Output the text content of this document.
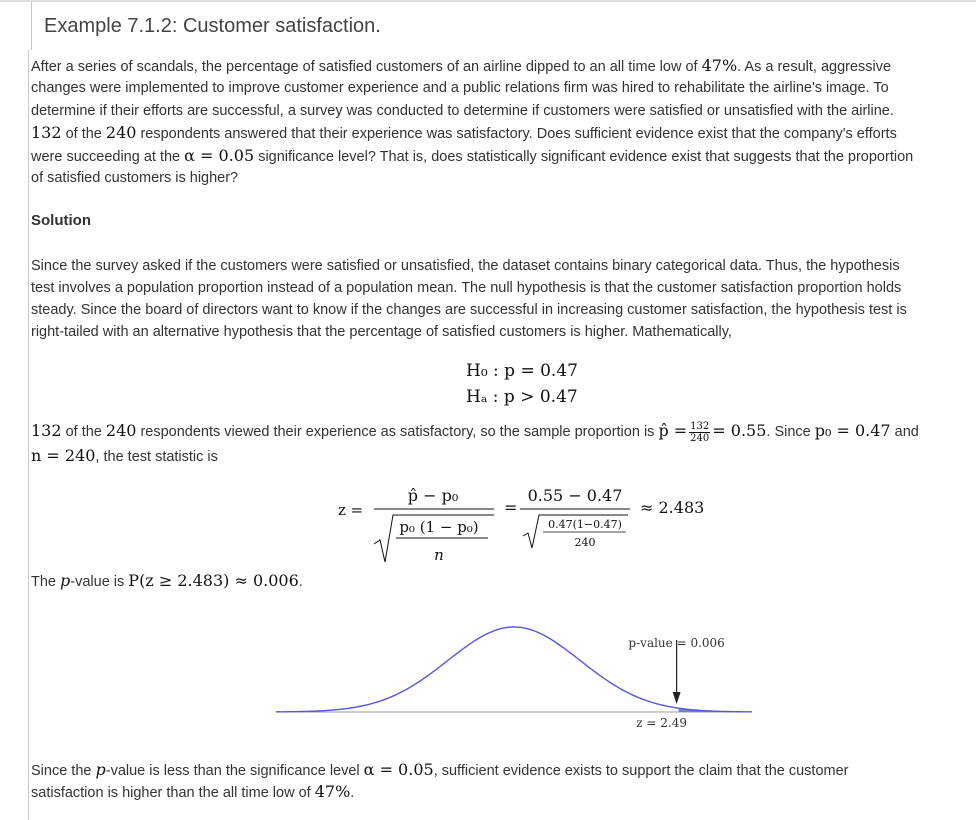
Example 7.1.2: Customer satisfaction.
After a series of scandals, the percentage of satisfied customers of an airline dipped to an all time low of 47%. As a result, aggressive
changes were implemented to improve customer experience and a public relations firm was hired to rehabilitate the airline's image. To
determine if their efforts are successful, a survey was conducted to determine if customers were satisfied or unsatisfied with the airline.
132 of the 240 respondents answered that their experience was satisfactory. Does sufficient evidence exist that the company's efforts
were succeeding at the α = 0.05 significance level? That is, does statistically significant evidence exist that suggests that the proportion
of satisfied customers is higher?
Solution
Since the survey asked if the customers were satisfied or unsatisfied, the dataset contains binary categorical data. Thus, the hypothesis
test involves a population proportion instead of a population mean. The null hypothesis is that the customer satisfaction proportion holds
steady. Since the board of directors want to know if the changes are successful in increasing customer satisfaction, the hypothesis test is
right-tailed with an alternative hypothesis that the percentage of satisfied customers is higher. Mathematically,
H₀ : p = 0.47
Hₐ : p > 0.47
132 of the 240 respondents viewed their experience as satisfactory, so the sample proportion is p̂ = $\frac{132}{240} = 0.55$. Since p₀ = 0.47 and
n = 240, the test statistic is
z =
p̂ − p₀
p₀ (1 − p₀)
n
=
0.55 − 0.47
0.47(1−0.47)
240
≈ 2.483
The p-value is P(z ≥ 2.483) ≈ 0.006.
p-value = 0.006
z = 2.49
Since the p-value is less than the significance level α = 0.05, sufficient evidence exists to support the claim that the customer
satisfaction is higher than the all time low of 47%.
